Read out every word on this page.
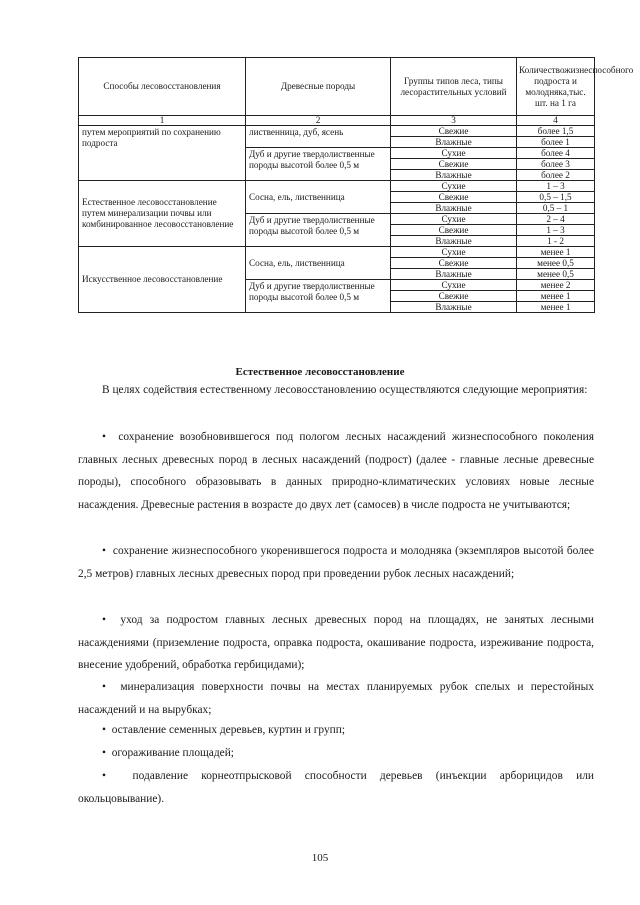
Способы лесовосстановления	Древесные породы	Группы типов леса, типы лесорастительных условий	Количествожизнеспособного подроста и молодняка,тыс. шт. на 1 га
1	2	3	4
путем мероприятий по сохранению подроста	лиственница, дуб, ясень	Свежие	более 1,5
		Влажные	более 1
	Дуб и другие твердолиственные породы высотой более 0,5 м	Сухие	более 4
		Свежие	более 3
		Влажные	более 2
Естественное лесовосстановление путем минерализации почвы или комбинированное лесовосстановление	Сосна, ель, лиственница	Сухие	1 – 3
		Свежие	0,5 – 1,5
		Влажные	0,5 – 1
	Дуб и другие твердолиственные породы высотой более 0,5 м	Сухие	2 – 4
		Свежие	1 – 3
		Влажные	1 - 2
Искусственное лесовосстановление	Сосна, ель, лиственница	Сухие	менее 1
		Свежие	менее 0,5
		Влажные	менее 0,5
	Дуб и другие твердолиственные породы высотой более 0,5 м	Сухие	менее 2
		Свежие	менее 1
		Влажные	менее 1
Естественное лесовосстановление

В целях содействия естественному лесовосстановлению осуществляются следующие мероприятия:

•  сохранение возобновившегося под пологом лесных насаждений жизнеспособного поколения главных лесных древесных пород в лесных насаждений (подрост) (далее - главные лесные древесные породы), способного образовывать в данных природно-климатических условиях новые лесные насаждения. Древесные растения в возрасте до двух лет (самосев) в числе подроста не учитываются;

•  сохранение жизнеспособного укоренившегося подроста и молодняка (экземпляров высотой более 2,5 метров) главных лесных древесных пород при проведении рубок лесных насаждений;

•  уход за подростом главных лесных древесных пород на площадях, не занятых лесными насаждениями (приземление подроста, оправка подроста, окашивание подроста, изреживание подроста, внесение удобрений, обработка гербицидами);

•  минерализация поверхности почвы на местах планируемых рубок спелых и перестойных насаждений и на вырубках;

•  оставление семенных деревьев, куртин и групп;

•  огораживание площадей;

•  подавление корнеотпрысковой способности деревьев (инъекции арборицидов или окольцовывание).

105
